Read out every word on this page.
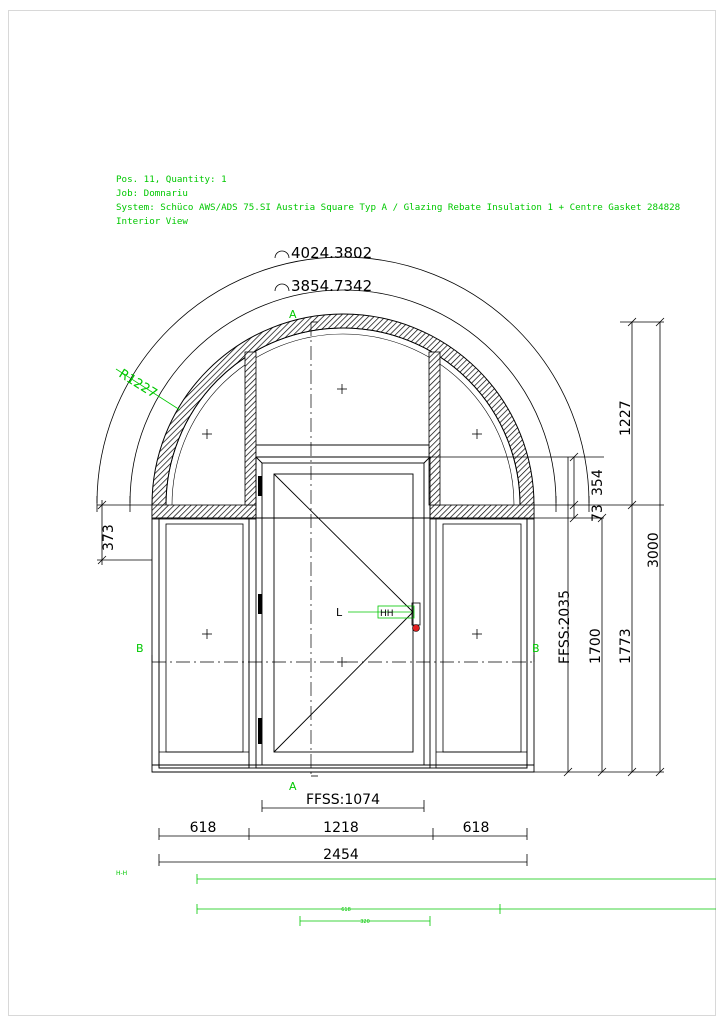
Pos. 11, Quantity: 1
Job: Domnariu
System: Schüco AWS/ADS 75.SI Austria Square Typ A / Glazing Rebate Insulation 1 + Centre Gasket 284828
Interior View
HH
L
A
A
B	B
4024.3802
3854.7342
R1227
373
1227
354
73
FFSS:2035 1700 1773
3000
FFSS:1074
618	1218	618
2454
H-H
618
320
